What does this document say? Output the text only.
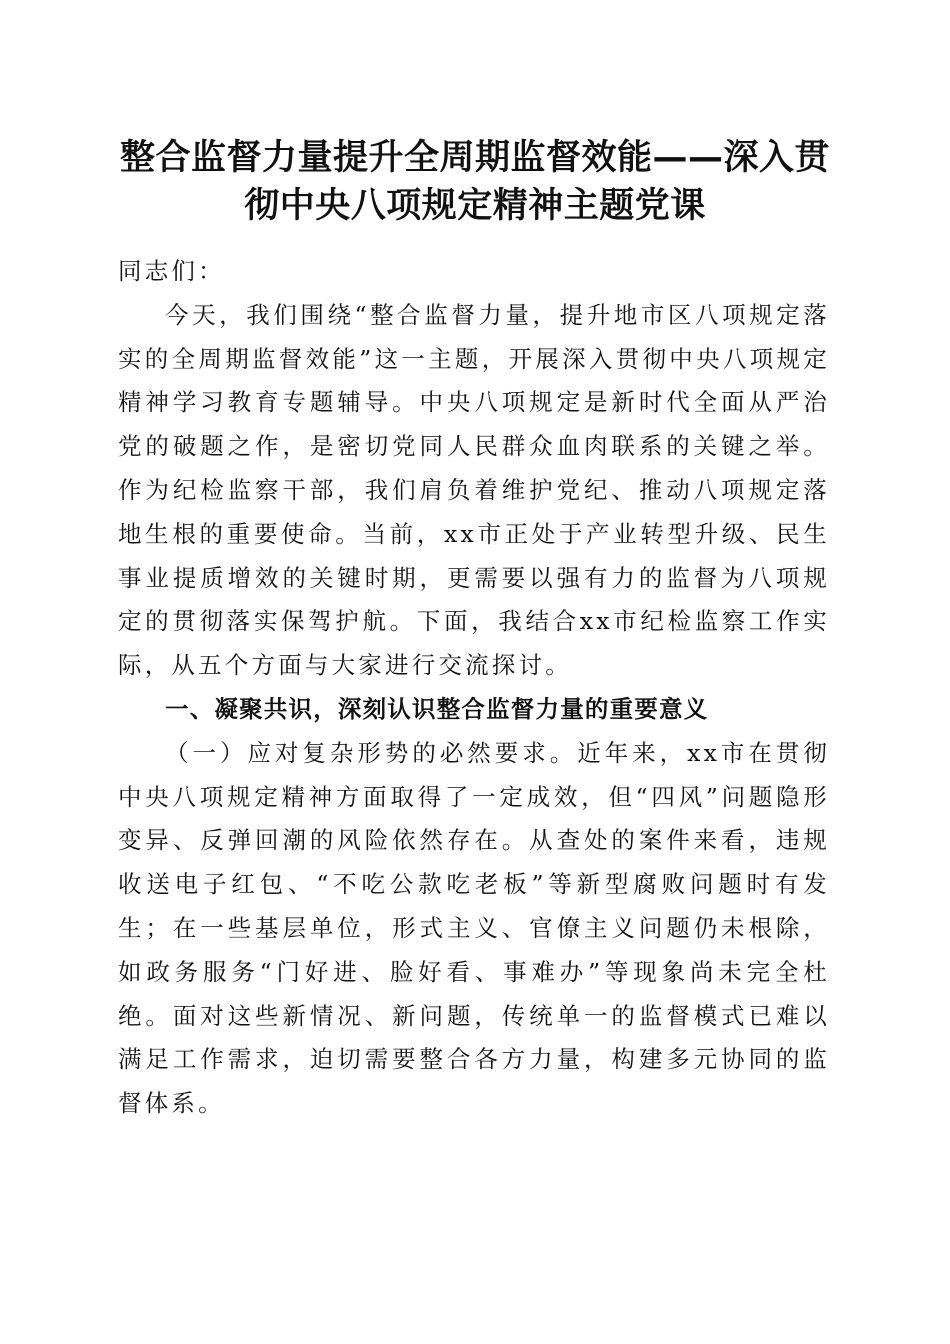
整合监督力量提升全周期监督效能——深入贯
彻中央八项规定精神主题党课

同志们：

今天，我们围绕“整合监督力量，提升地市区八项规定落实的全周期监督效能”这一主题，开展深入贯彻中央八项规定精神学习教育专题辅导。中央八项规定是新时代全面从严治党的破题之作，是密切党同人民群众血肉联系的关键之举。作为纪检监察干部，我们肩负着维护党纪、推动八项规定落地生根的重要使命。当前，xx市正处于产业转型升级、民生事业提质增效的关键时期，更需要以强有力的监督为八项规定的贯彻落实保驾护航。下面，我结合xx市纪检监察工作实际，从五个方面与大家进行交流探讨。

一、凝聚共识，深刻认识整合监督力量的重要意义

（一）应对复杂形势的必然要求。近年来，xx市在贯彻中央八项规定精神方面取得了一定成效，但“四风”问题隐形变异、反弹回潮的风险依然存在。从查处的案件来看，违规收送电子红包、“不吃公款吃老板”等新型腐败问题时有发生；在一些基层单位，形式主义、官僚主义问题仍未根除，如政务服务“门好进、脸好看、事难办”等现象尚未完全杜绝。面对这些新情况、新问题，传统单一的监督模式已难以满足工作需求，迫切需要整合各方力量，构建多元协同的监督体系。
